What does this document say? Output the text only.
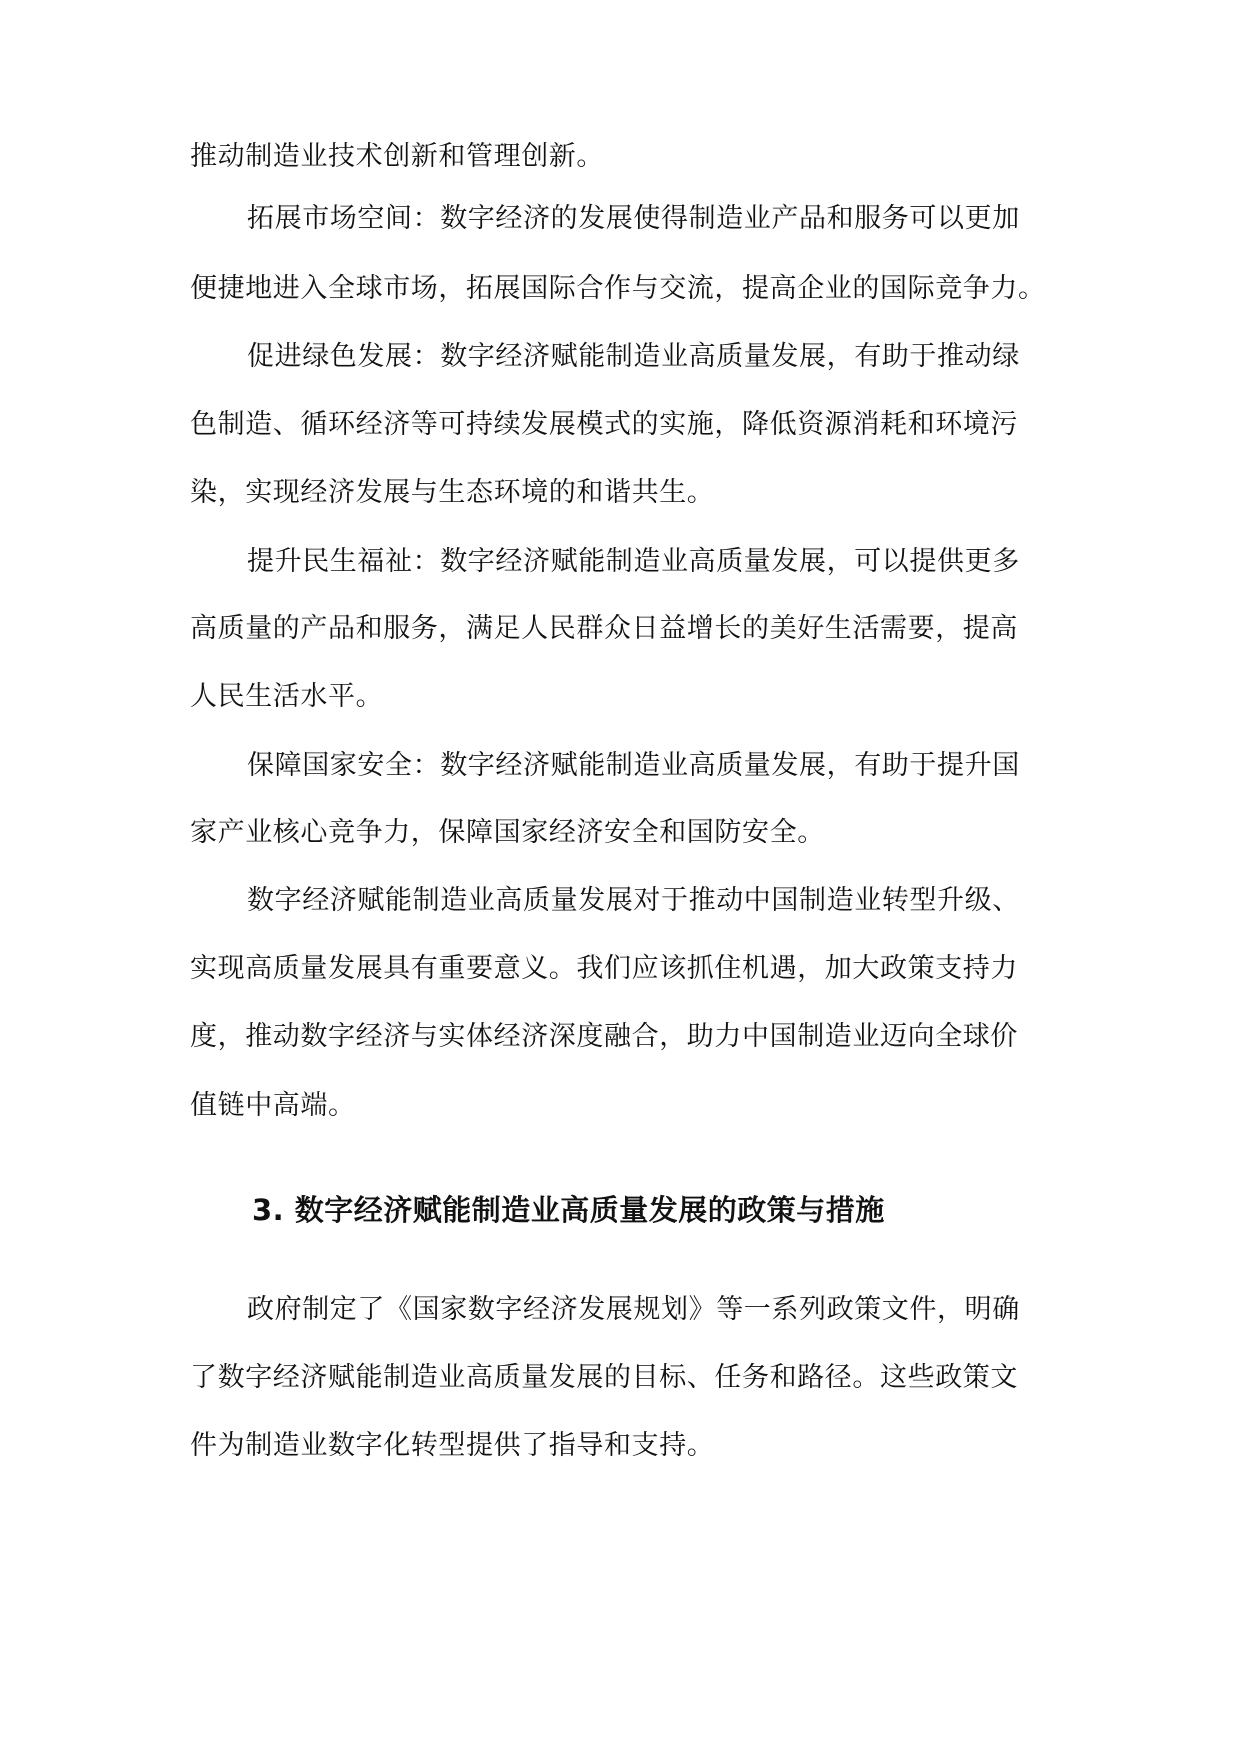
推动制造业技术创新和管理创新。
拓展市场空间：数字经济的发展使得制造业产品和服务可以更加
便捷地进入全球市场，拓展国际合作与交流，提高企业的国际竞争力。
促进绿色发展：数字经济赋能制造业高质量发展，有助于推动绿
色制造、循环经济等可持续发展模式的实施，降低资源消耗和环境污
染，实现经济发展与生态环境的和谐共生。
提升民生福祉：数字经济赋能制造业高质量发展，可以提供更多
高质量的产品和服务，满足人民群众日益增长的美好生活需要，提高
人民生活水平。
保障国家安全：数字经济赋能制造业高质量发展，有助于提升国
家产业核心竞争力，保障国家经济安全和国防安全。
数字经济赋能制造业高质量发展对于推动中国制造业转型升级、
实现高质量发展具有重要意义。我们应该抓住机遇，加大政策支持力
度，推动数字经济与实体经济深度融合，助力中国制造业迈向全球价
值链中高端。
3. 数字经济赋能制造业高质量发展的政策与措施
政府制定了《国家数字经济发展规划》等一系列政策文件，明确
了数字经济赋能制造业高质量发展的目标、任务和路径。这些政策文
件为制造业数字化转型提供了指导和支持。
